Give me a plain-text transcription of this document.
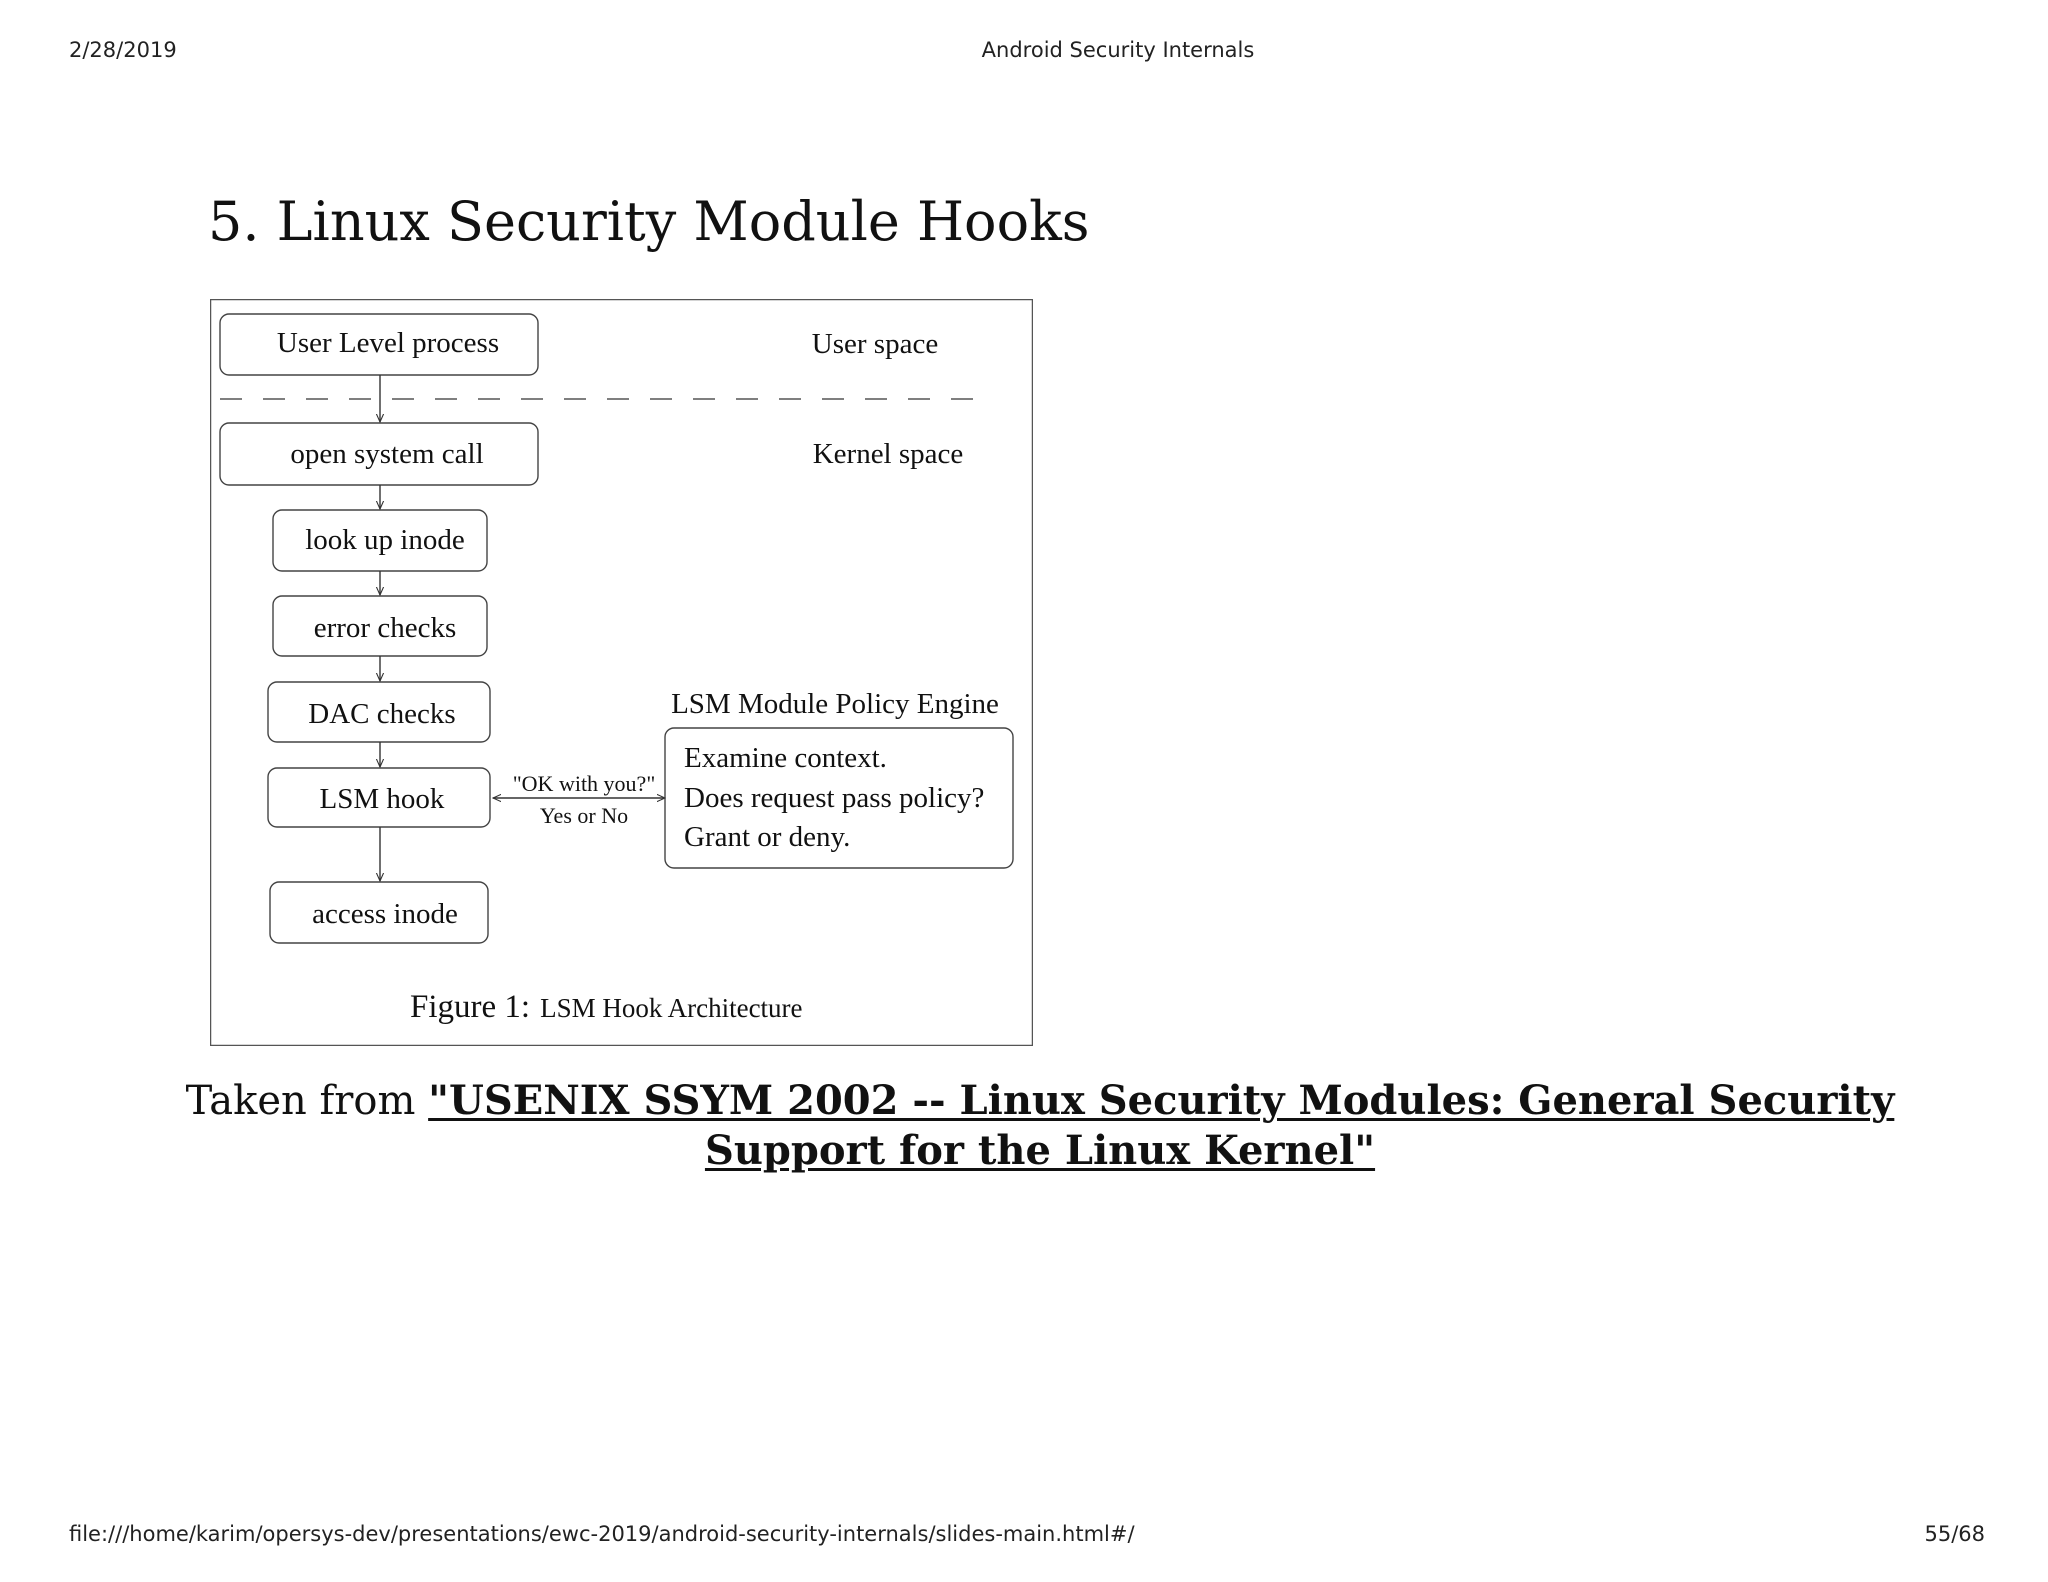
2/28/2019	Android Security Internals
5. Linux Security Module Hooks
User Level process	User space
open system call	Kernel space
look up inode
error checks
DAC checks
LSM hook
access inode
"OK with you?"
Yes or No
LSM Module Policy Engine
Examine context.
Does request pass policy?
Grant or deny.
Figure 1: LSM Hook Architecture
Taken from "USENIX SSYM 2002 -- Linux Security Modules: General Security Support for the Linux Kernel"
file:///home/karim/opersys-dev/presentations/ewc-2019/android-security-internals/slides-main.html#/	55/68
